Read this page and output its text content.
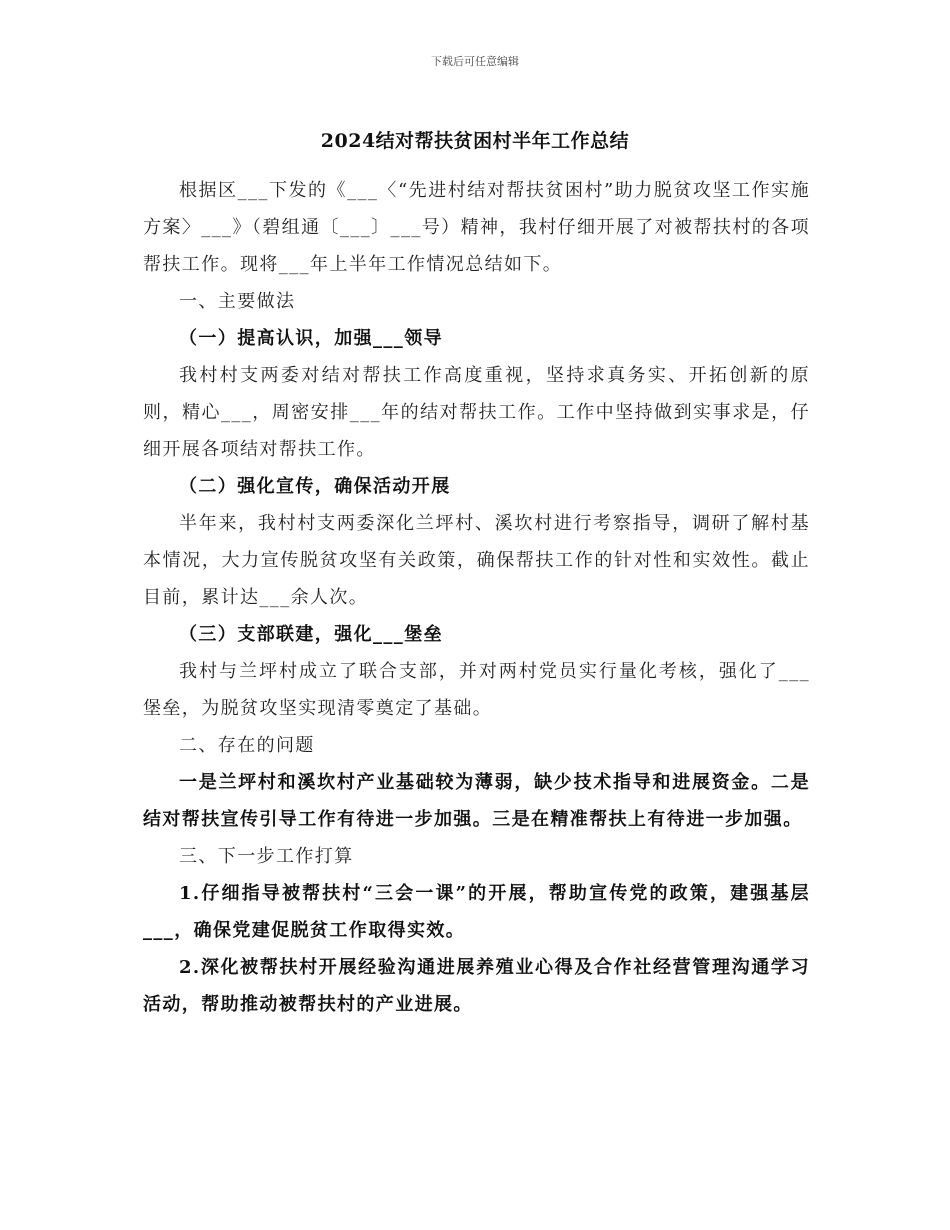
下载后可任意编辑
2024结对帮扶贫困村半年工作总结

根据区___下发的《___〈“先进村结对帮扶贫困村”助力脱贫攻坚工作实施方案〉___》（碧组通〔___〕___号）精神，我村仔细开展了对被帮扶村的各项帮扶工作。现将___年上半年工作情况总结如下。

一、主要做法

（一）提高认识，加强___领导

我村村支两委对结对帮扶工作高度重视，坚持求真务实、开拓创新的原则，精心___，周密安排___年的结对帮扶工作。工作中坚持做到实事求是，仔细开展各项结对帮扶工作。

（二）强化宣传，确保活动开展

半年来，我村村支两委深化兰坪村、溪坎村进行考察指导，调研了解村基本情况，大力宣传脱贫攻坚有关政策，确保帮扶工作的针对性和实效性。截止目前，累计达___余人次。

（三）支部联建，强化___堡垒

我村与兰坪村成立了联合支部，并对两村党员实行量化考核，强化了___堡垒，为脱贫攻坚实现清零奠定了基础。

二、存在的问题

一是兰坪村和溪坎村产业基础较为薄弱，缺少技术指导和进展资金。二是结对帮扶宣传引导工作有待进一步加强。三是在精准帮扶上有待进一步加强。

三、下一步工作打算

1.仔细指导被帮扶村“三会一课”的开展，帮助宣传党的政策，建强基层___，确保党建促脱贫工作取得实效。

2.深化被帮扶村开展经验沟通进展养殖业心得及合作社经营管理沟通学习活动，帮助推动被帮扶村的产业进展。
